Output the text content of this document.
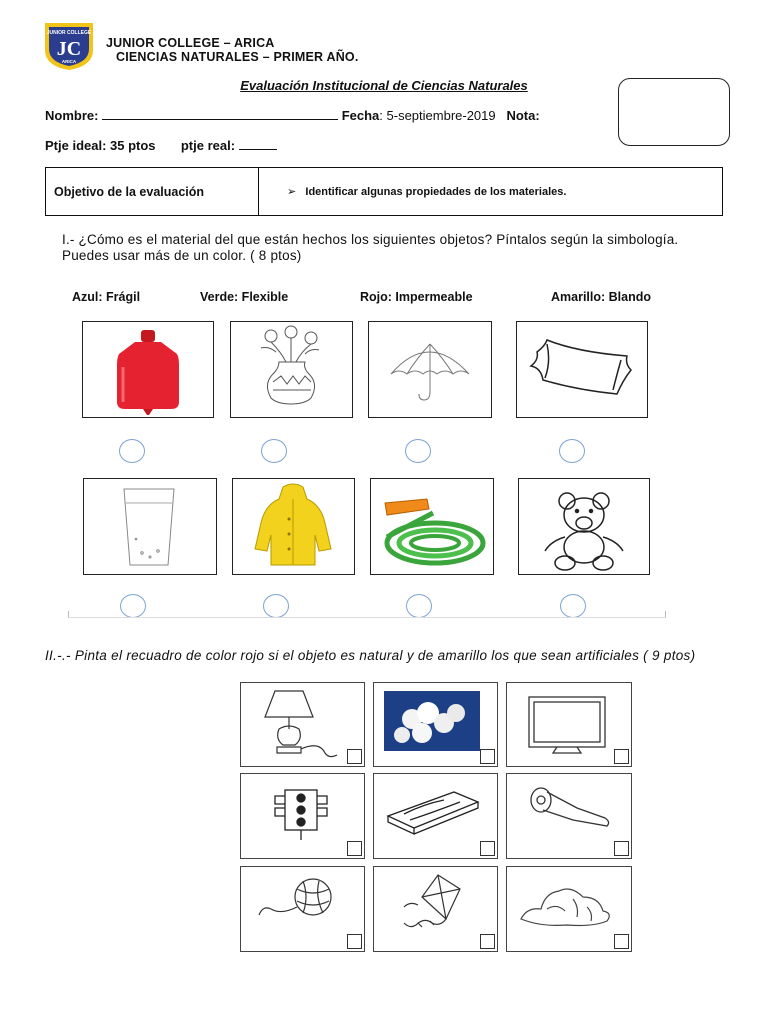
JUNIOR COLLEGE
JC
ARICA
JUNIOR COLLEGE – ARICA
CIENCIAS NATURALES – PRIMER AÑO.
Evaluación Institucional de Ciencias Naturales
Nombre:	Fecha: 5-septiembre-2019 Nota:
Ptje ideal: 35 ptos ptje real:
Objetivo de la evaluación	➢ Identificar algunas propiedades de los materiales.
I.- ¿Cómo es el material del que están hechos los siguientes objetos? Píntalos según la simbología. Puedes usar más de un color. ( 8 ptos)
Azul: Frágil	Verde: Flexible	Rojo: Impermeable	Amarillo: Blando
II.-.- Pinta el recuadro de color rojo si el objeto es natural y de amarillo los que sean artificiales ( 9 ptos)
